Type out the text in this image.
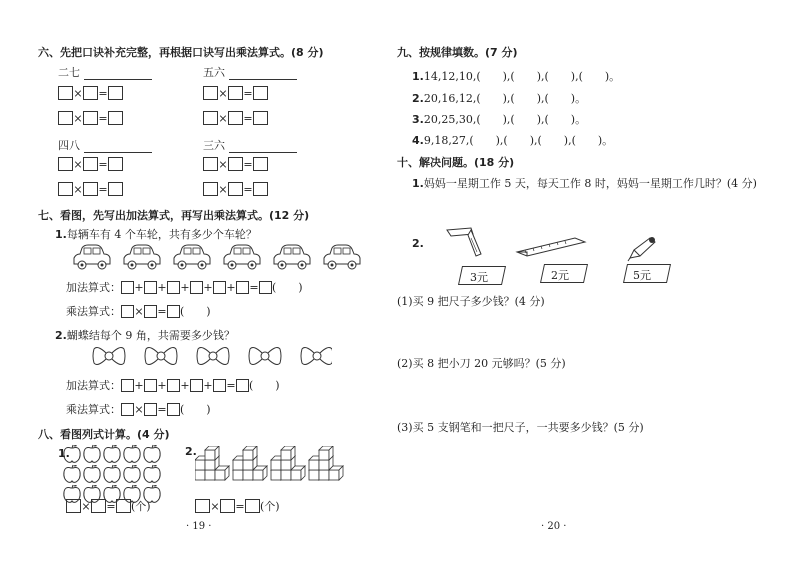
六、先把口诀补充完整，再根据口诀写出乘法算式。(8 分)
二七
× =
× =
五六
× =
× =
四八
× =
× =
三六
× =
× =
七、看图，先写出加法算式，再写出乘法算式。(12 分)
1.每辆车有 4 个车轮，共有多少个车轮？
加法算式： + + + + + = (　　)
乘法算式： × = (　　)
2.蝴蝶结每个 9 角，共需要多少钱？
加法算式： + + + + = (　　)
乘法算式： × = (　　)
八、看图列式计算。(4 分)
1.	2.
× = (个)	× = (个)
· 19 ·
九、按规律填数。(7 分)
1.14,12,10,(　　),(　　),(　　),(　　)。
2.20,16,12,(　　),(　　),(　　)。
3.20,25,30,(　　),(　　),(　　)。
4.9,18,27,(　　),(　　),(　　),(　　)。
十、解决问题。(18 分)
1.妈妈一星期工作 5 天，每天工作 8 时，妈妈一星期工作几时？(4 分)
2.
3元	2元	5元
(1)买 9 把尺子多少钱？(4 分)
(2)买 8 把小刀 20 元够吗？(5 分)
(3)买 5 支钢笔和一把尺子，一共要多少钱？(5 分)
· 20 ·
